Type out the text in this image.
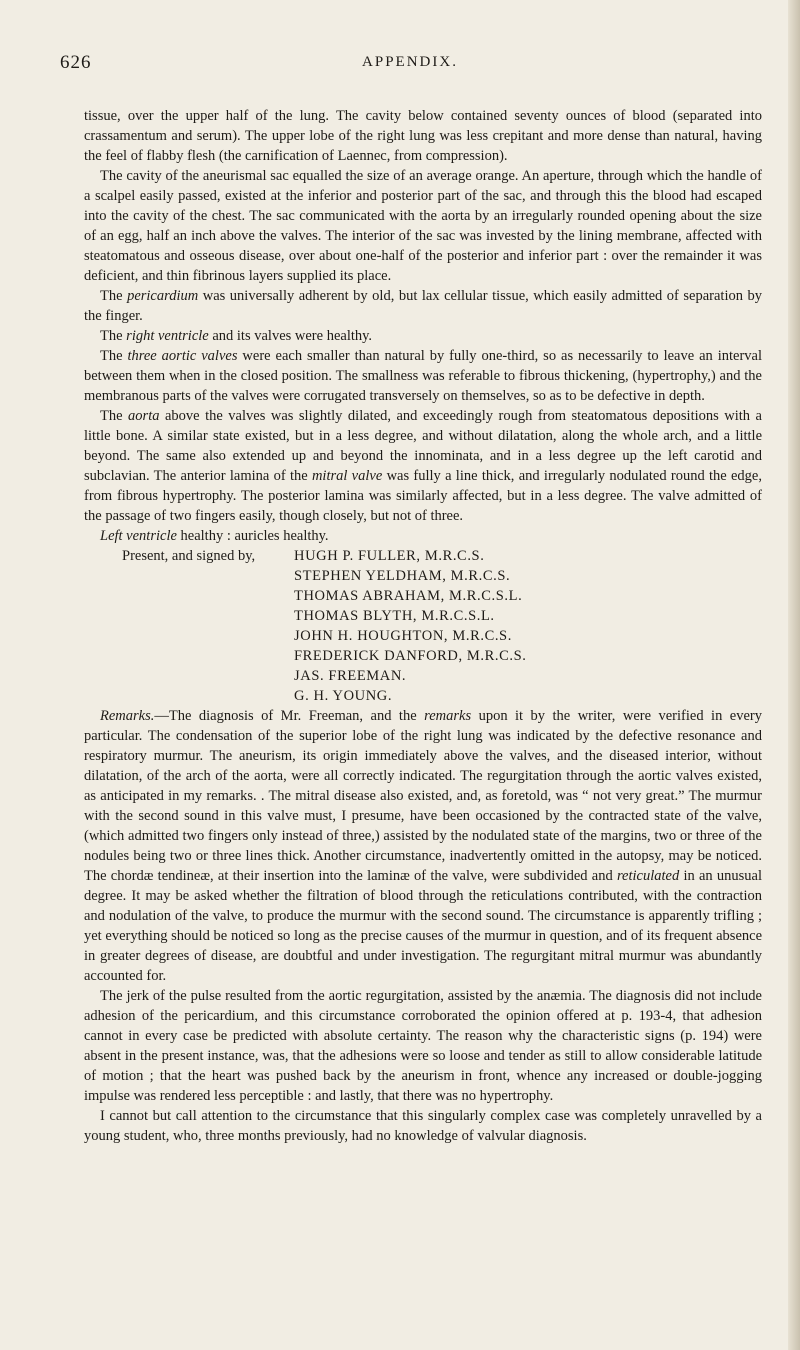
626	APPENDIX.

tissue, over the upper half of the lung. The cavity below contained seventy ounces of blood (separated into crassamentum and serum). The upper lobe of the right lung was less crepitant and more dense than natural, having the feel of flabby flesh (the carnification of Laennec, from compression).

The cavity of the aneurismal sac equalled the size of an average orange. An aperture, through which the handle of a scalpel easily passed, existed at the inferior and posterior part of the sac, and through this the blood had escaped into the cavity of the chest. The sac communicated with the aorta by an irregularly rounded opening about the size of an egg, half an inch above the valves. The interior of the sac was invested by the lining membrane, affected with steatomatous and osseous disease, over about one-half of the posterior and inferior part : over the remainder it was deficient, and thin fibrinous layers supplied its place.

The pericardium was universally adherent by old, but lax cellular tissue, which easily admitted of separation by the finger.

The right ventricle and its valves were healthy.

The three aortic valves were each smaller than natural by fully one-third, so as necessarily to leave an interval between them when in the closed position. The smallness was referable to fibrous thickening, (hypertrophy,) and the membranous parts of the valves were corrugated transversely on themselves, so as to be defective in depth.

The aorta above the valves was slightly dilated, and exceedingly rough from steatomatous depositions with a little bone. A similar state existed, but in a less degree, and without dilatation, along the whole arch, and a little beyond. The same also extended up and beyond the innominata, and in a less degree up the left carotid and subclavian. The anterior lamina of the mitral valve was fully a line thick, and irregularly nodulated round the edge, from fibrous hypertrophy. The posterior lamina was similarly affected, but in a less degree. The valve admitted of the passage of two fingers easily, though closely, but not of three.

Left ventricle healthy : auricles healthy.

Present, and signed by,	HUGH P. FULLER, M.R.C.S.
STEPHEN YELDHAM, M.R.C.S.
THOMAS ABRAHAM, M.R.C.S.L.
THOMAS BLYTH, M.R.C.S.L.
JOHN H. HOUGHTON, M.R.C.S.
FREDERICK DANFORD, M.R.C.S.
JAS. FREEMAN.
G. H. YOUNG.

Remarks.—The diagnosis of Mr. Freeman, and the remarks upon it by the writer, were verified in every particular. The condensation of the superior lobe of the right lung was indicated by the defective resonance and respiratory murmur. The aneurism, its origin immediately above the valves, and the diseased interior, without dilatation, of the arch of the aorta, were all correctly indicated. The regurgitation through the aortic valves existed, as anticipated in my remarks. . The mitral disease also existed, and, as foretold, was “ not very great.” The murmur with the second sound in this valve must, I presume, have been occasioned by the contracted state of the valve, (which admitted two fingers only instead of three,) assisted by the nodulated state of the margins, two or three of the nodules being two or three lines thick. Another circumstance, inadvertently omitted in the autopsy, may be noticed. The chordæ tendineæ, at their insertion into the laminæ of the valve, were subdivided and reticulated in an unusual degree. It may be asked whether the filtration of blood through the reticulations contributed, with the contraction and nodulation of the valve, to produce the murmur with the second sound. The circumstance is apparently trifling ; yet everything should be noticed so long as the precise causes of the murmur in question, and of its frequent absence in greater degrees of disease, are doubtful and under investigation. The regurgitant mitral murmur was abundantly accounted for.

The jerk of the pulse resulted from the aortic regurgitation, assisted by the anæmia. The diagnosis did not include adhesion of the pericardium, and this circumstance corroborated the opinion offered at p. 193-4, that adhesion cannot in every case be predicted with absolute certainty. The reason why the characteristic signs (p. 194) were absent in the present instance, was, that the adhesions were so loose and tender as still to allow considerable latitude of motion ; that the heart was pushed back by the aneurism in front, whence any increased or double-jogging impulse was rendered less perceptible : and lastly, that there was no hypertrophy.

I cannot but call attention to the circumstance that this singularly complex case was completely unravelled by a young student, who, three months previously, had no knowledge of valvular diagnosis.
